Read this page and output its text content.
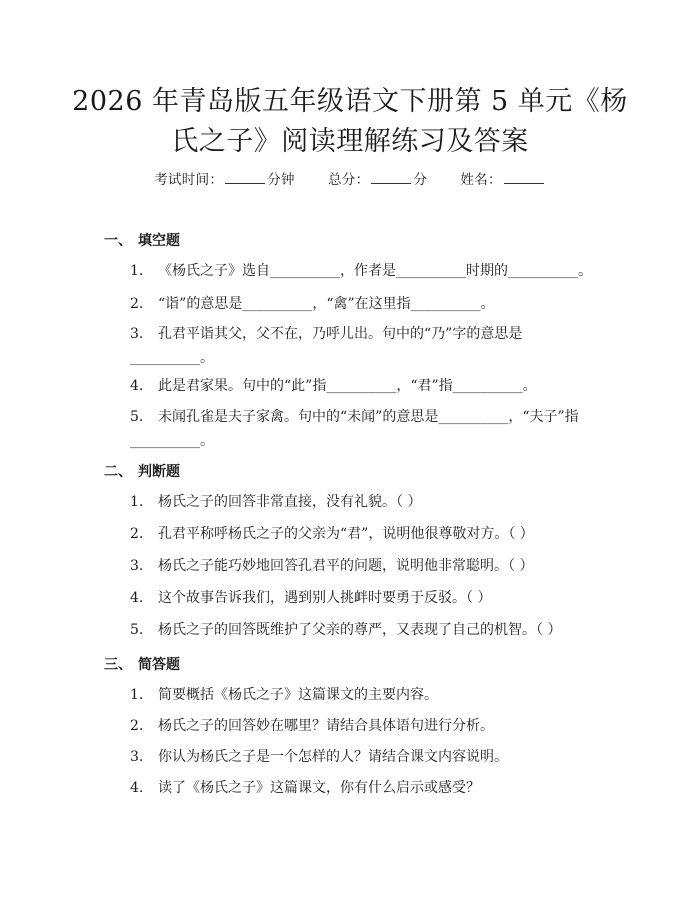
2026 年青岛版五年级语文下册第 5 单元《杨
氏之子》阅读理解练习及答案
考试时间：	分钟 总分：	分 姓名：
一、 填空题
1. 《杨氏之子》选自__________，作者是__________时期的__________。
2. “诣”的意思是__________，“禽”在这里指__________。
3.	孔君平诣其父，父不在，乃呼儿出。句中的“乃”字的意思是
__________。
4. 此是君家果。句中的“此”指__________，“君”指__________。
5.	未闻孔雀是夫子家禽。句中的“未闻”的意思是__________，“夫子”指
__________。
二、 判断题
1. 杨氏之子的回答非常直接，没有礼貌。（ ）
2. 孔君平称呼杨氏之子的父亲为“君”，说明他很尊敬对方。（ ）
3. 杨氏之子能巧妙地回答孔君平的问题，说明他非常聪明。（ ）
4. 这个故事告诉我们，遇到别人挑衅时要勇于反驳。（ ）
5. 杨氏之子的回答既维护了父亲的尊严，又表现了自己的机智。（ ）
三、 简答题
1. 简要概括《杨氏之子》这篇课文的主要内容。
2. 杨氏之子的回答妙在哪里？请结合具体语句进行分析。
3. 你认为杨氏之子是一个怎样的人？请结合课文内容说明。
4. 读了《杨氏之子》这篇课文，你有什么启示或感受？
